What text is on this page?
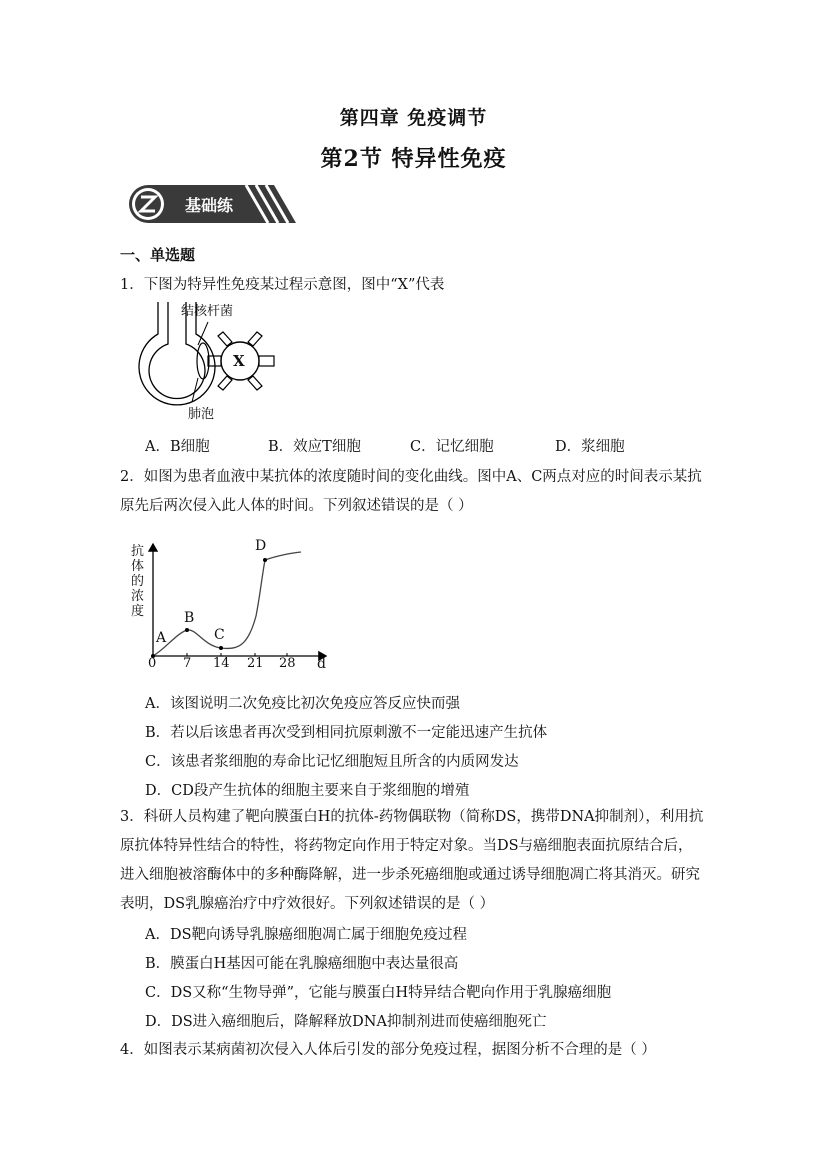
第四章 免疫调节
第2节 特异性免疫
基础练
一、单选题
1．下图为特异性免疫某过程示意图，图中“X”代表
结核杆菌
肺泡
X
A．B细胞	B．效应T细胞	C．记忆细胞	D．浆细胞
2．如图为患者血液中某抗体的浓度随时间的变化曲线。图中A、C两点对应的时间表示某抗
原先后两次侵入此人体的时间。下列叙述错误的是（ ）
抗体的浓度
A
B
C
D
0 7 14 21 28 d
A．该图说明二次免疫比初次免疫应答反应快而强
B．若以后该患者再次受到相同抗原刺激不一定能迅速产生抗体
C．该患者浆细胞的寿命比记忆细胞短且所含的内质网发达
D．CD段产生抗体的细胞主要来自于浆细胞的增殖
3．科研人员构建了靶向膜蛋白H的抗体-药物偶联物（简称DS，携带DNA抑制剂），利用抗
原抗体特异性结合的特性，将药物定向作用于特定对象。当DS与癌细胞表面抗原结合后，
进入细胞被溶酶体中的多种酶降解，进一步杀死癌细胞或通过诱导细胞凋亡将其消灭。研究
表明，DS乳腺癌治疗中疗效很好。下列叙述错误的是（ ）
A．DS靶向诱导乳腺癌细胞凋亡属于细胞免疫过程
B．膜蛋白H基因可能在乳腺癌细胞中表达量很高
C．DS又称“生物导弹”，它能与膜蛋白H特异结合靶向作用于乳腺癌细胞
D．DS进入癌细胞后，降解释放DNA抑制剂进而使癌细胞死亡
4．如图表示某病菌初次侵入人体后引发的部分免疫过程，据图分析不合理的是（ ）
